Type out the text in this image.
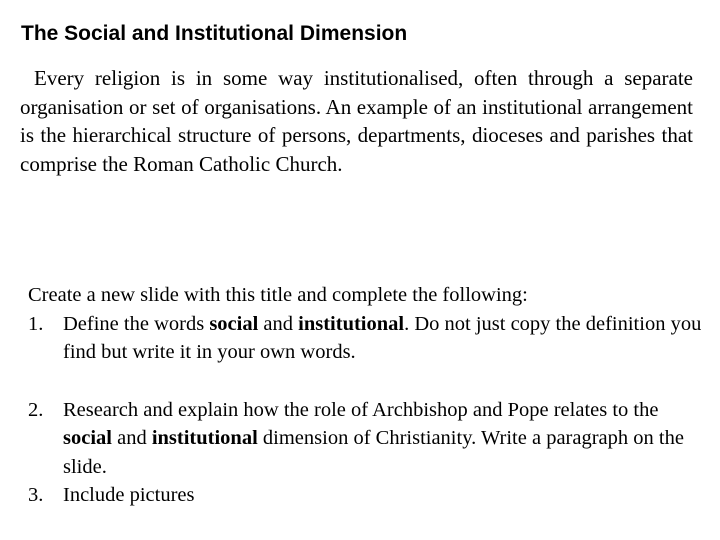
The Social and Institutional Dimension

Every religion is in some way institutionalised, often through a separate organisation or set of organisations. An example of an institutional arrangement is the hierarchical structure of persons, departments, dioceses and parishes that comprise the Roman Catholic Church.

Create a new slide with this title and complete the following:

1. Define the words social and institutional. Do not just copy the definition you find but write it in your own words.
2. Research and explain how the role of Archbishop and Pope relates to the social and institutional dimension of Christianity. Write a paragraph on the slide.
3. Include pictures
